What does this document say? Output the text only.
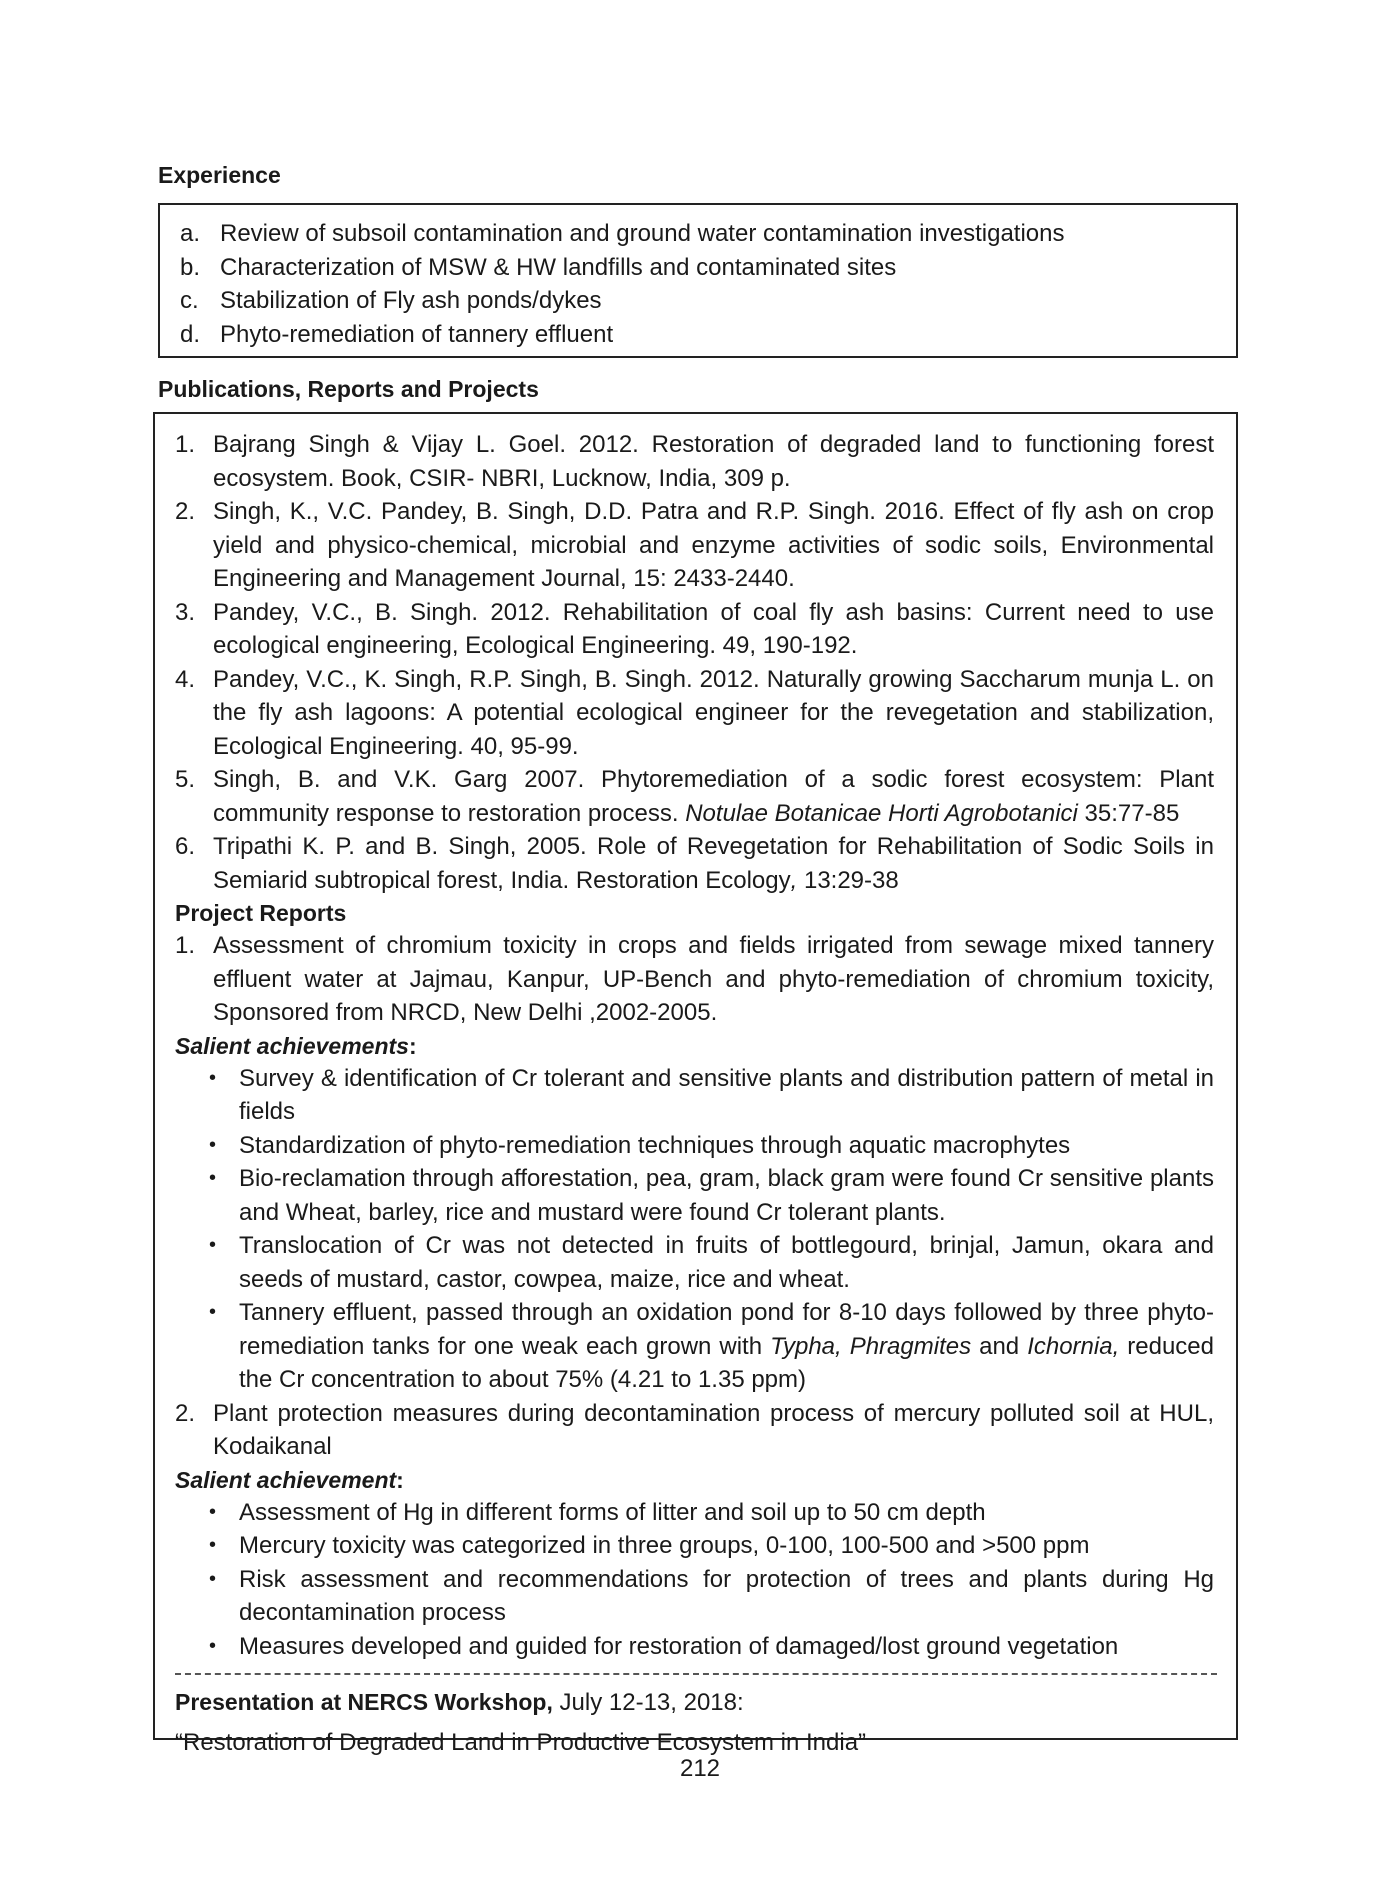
Experience
a. Review of subsoil contamination and ground water contamination investigations
b. Characterization of MSW & HW landfills and contaminated sites
c. Stabilization of Fly ash ponds/dykes
d. Phyto-remediation of tannery effluent
Publications, Reports and Projects
1. Bajrang Singh & Vijay L. Goel. 2012. Restoration of degraded land to functioning forest ecosystem. Book, CSIR- NBRI, Lucknow, India, 309 p.
2. Singh, K., V.C. Pandey, B. Singh, D.D. Patra and R.P. Singh. 2016. Effect of fly ash on crop yield and physico-chemical, microbial and enzyme activities of sodic soils, Environmental Engineering and Management Journal, 15: 2433-2440.
3. Pandey, V.C., B. Singh. 2012. Rehabilitation of coal fly ash basins: Current need to use ecological engineering, Ecological Engineering. 49, 190-192.
4. Pandey, V.C., K. Singh, R.P. Singh, B. Singh. 2012. Naturally growing Saccharum munja L. on the fly ash lagoons: A potential ecological engineer for the revegetation and stabilization, Ecological Engineering. 40, 95-99.
5. Singh, B. and V.K. Garg 2007. Phytoremediation of a sodic forest ecosystem: Plant community response to restoration process. Notulae Botanicae Horti Agrobotanici 35:77-85
6. Tripathi K. P. and B. Singh, 2005. Role of Revegetation for Rehabilitation of Sodic Soils in Semiarid subtropical forest, India. Restoration Ecology, 13:29-38
Project Reports
1. Assessment of chromium toxicity in crops and fields irrigated from sewage mixed tannery effluent water at Jajmau, Kanpur, UP-Bench and phyto-remediation of chromium toxicity, Sponsored from NRCD, New Delhi ,2002-2005.
Salient achievements:
• Survey & identification of Cr tolerant and sensitive plants and distribution pattern of metal in fields
• Standardization of phyto-remediation techniques through aquatic macrophytes
• Bio-reclamation through afforestation, pea, gram, black gram were found Cr sensitive plants and Wheat, barley, rice and mustard were found Cr tolerant plants.
• Translocation of Cr was not detected in fruits of bottlegourd, brinjal, Jamun, okara and seeds of mustard, castor, cowpea, maize, rice and wheat.
• Tannery effluent, passed through an oxidation pond for 8-10 days followed by three phyto-remediation tanks for one weak each grown with Typha, Phragmites and Ichornia, reduced the Cr concentration to about 75% (4.21 to 1.35 ppm)
2. Plant protection measures during decontamination process of mercury polluted soil at HUL, Kodaikanal
Salient achievement:
• Assessment of Hg in different forms of litter and soil up to 50 cm depth
• Mercury toxicity was categorized in three groups, 0-100, 100-500 and >500 ppm
• Risk assessment and recommendations for protection of trees and plants during Hg decontamination process
• Measures developed and guided for restoration of damaged/lost ground vegetation
Presentation at NERCS Workshop, July 12-13, 2018:
“Restoration of Degraded Land in Productive Ecosystem in India”
212
